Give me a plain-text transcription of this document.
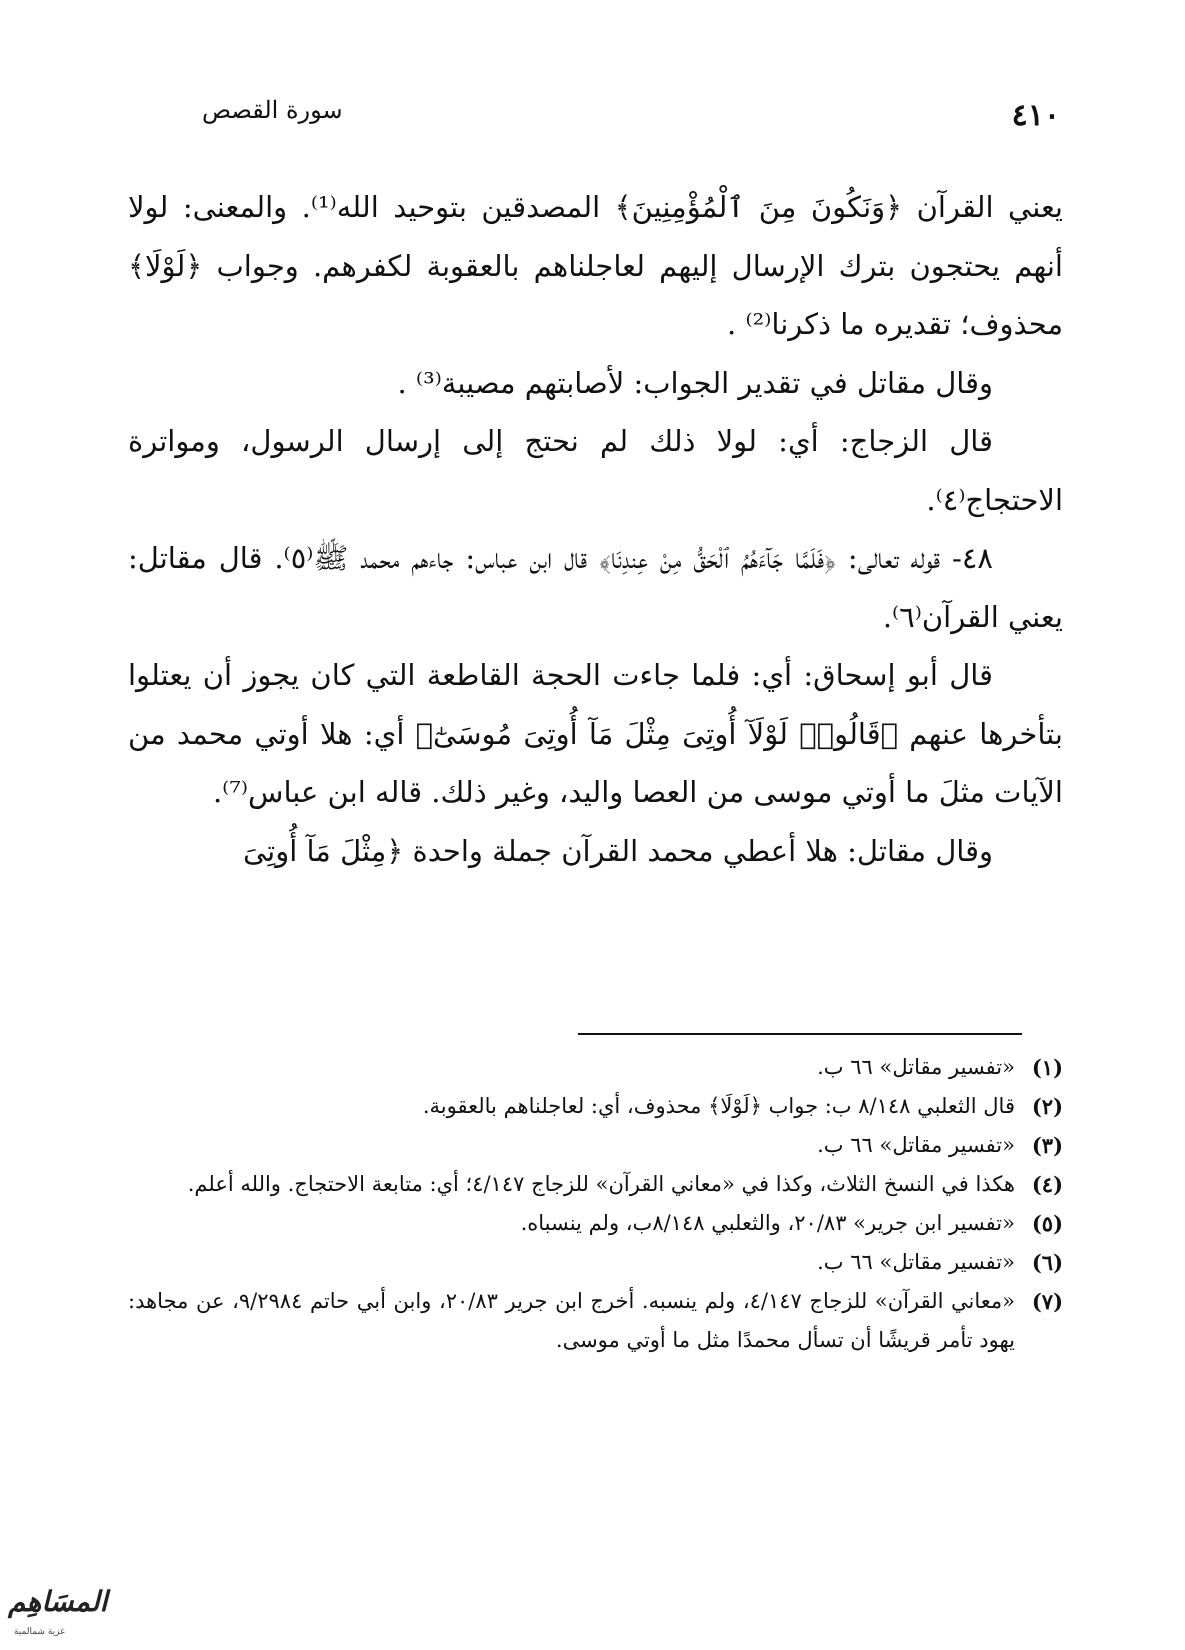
٤١٠
سورة القصص

يعني القرآن ﴿وَنَكُونَ مِنَ ٱلْمُؤْمِنِينَ﴾ المصدقين بتوحيد الله⁽¹⁾. والمعنى: لولا أنهم يحتجون بترك الإرسال إليهم لعاجلناهم بالعقوبة لكفرهم. وجواب ﴿لَوْلَا﴾ محذوف؛ تقديره ما ذكرنا⁽²⁾ .

وقال مقاتل في تقدير الجواب: لأصابتهم مصيبة⁽³⁾ .

قال الزجاج: أي: لولا ذلك لم نحتج إلى إرسال الرسول، ومواترة الاحتجاج⁽٤⁾.

٤٨- قوله تعالى: ﴿فَلَمَّا جَآءَهُمُ ٱلْحَقُّ مِنْ عِندِنَا﴾ قال ابن عباس: جاءهم محمد ﷺ⁽٥⁾. قال مقاتل: يعني القرآن⁽٦⁾.

قال أبو إسحاق: أي: فلما جاءت الحجة القاطعة التي كان يجوز أن يعتلوا بتأخرها عنهم ﴿قَالُوا۟ لَوْلَآ أُوتِىَ مِثْلَ مَآ أُوتِىَ مُوسَىٰٓ﴾ أي: هلا أوتي محمد من الآيات مثلَ ما أوتي موسى من العصا واليد، وغير ذلك. قاله ابن عباس⁽⁷⁾.

وقال مقاتل: هلا أعطي محمد القرآن جملة واحدة ﴿مِثْلَ مَآ أُوتِىَ

(١)
«تفسير مقاتل» ٦٦ ب.
(٢)
قال الثعلبي ٨/١٤٨ ب: جواب ﴿لَوْلَا﴾ محذوف، أي: لعاجلناهم بالعقوبة.
(٣)
«تفسير مقاتل» ٦٦ ب.
(٤)
هكذا في النسخ الثلاث، وكذا في «معاني القرآن» للزجاج ٤/١٤٧؛ أي: متابعة الاحتجاج. والله أعلم.
(٥)
«تفسير ابن جرير» ٢٠/٨٣، والثعلبي ٨/١٤٨ب، ولم ينسباه.
(٦)
«تفسير مقاتل» ٦٦ ب.
(٧)
«معاني القرآن» للزجاج ٤/١٤٧، ولم ينسبه. أخرج ابن جرير ٢٠/٨٣، وابن أبي حاتم ٩/٢٩٨٤، عن مجاهد: يهود تأمر قريشًا أن تسأل محمدًا مثل ما أوتي موسى.
المسَاهِم
غزية شمالمية
